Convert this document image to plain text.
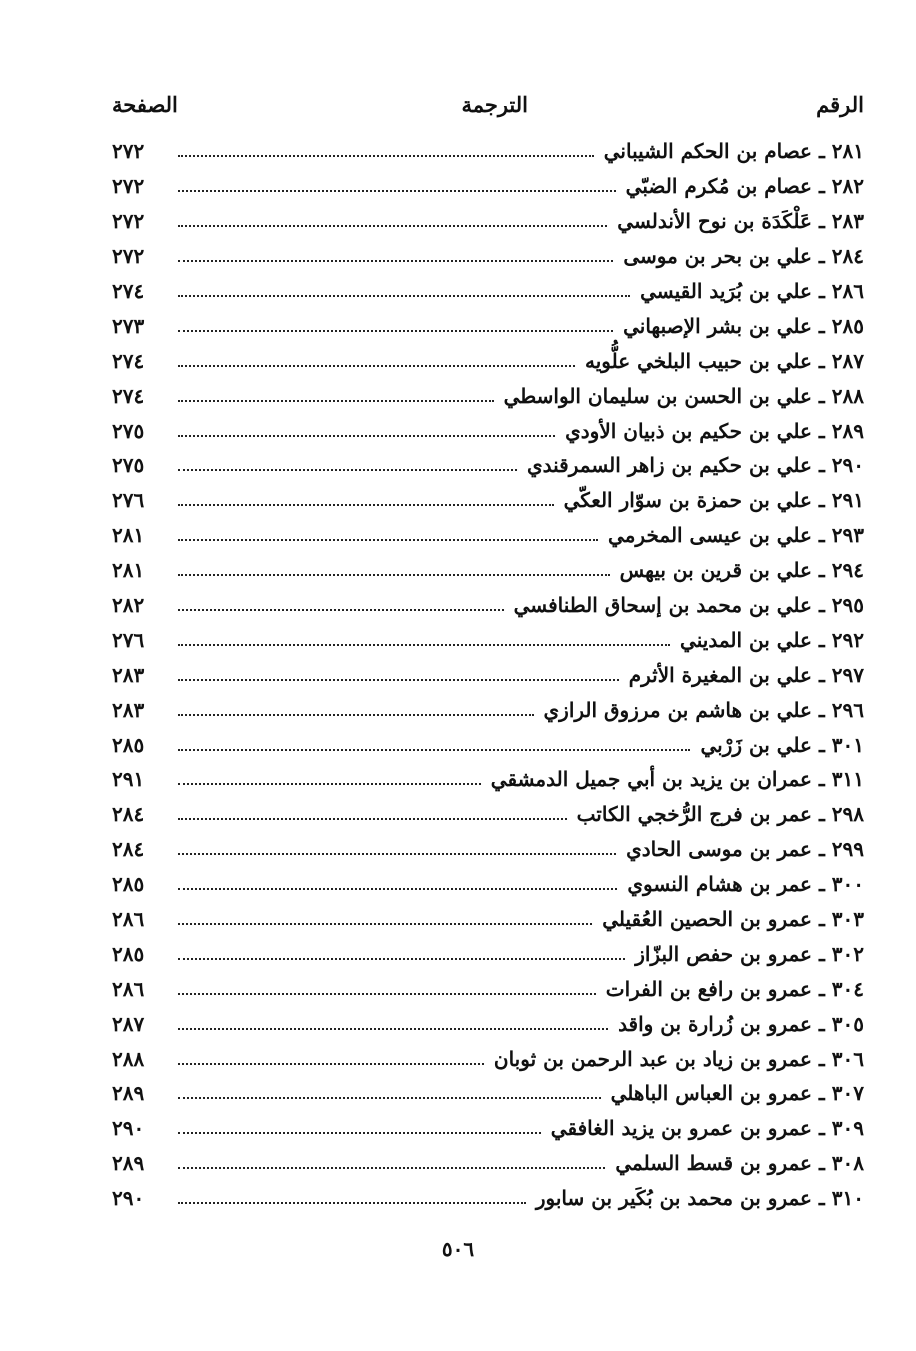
الرقم
الترجمة
الصفحة
٢٨١ ـ عصام بن الحكم الشيباني
٢٧٢
٢٨٢ ـ عصام بن مُكرم الضبّي
٢٧٢
٢٨٣ ـ عَلْكَدَة بن نوح الأندلسي
٢٧٢
٢٨٤ ـ علي بن بحر بن موسى
٢٧٢
٢٨٦ ـ علي بن بُرَيد القيسي
٢٧٤
٢٨٥ ـ علي بن بشر الإصبهاني
٢٧٣
٢٨٧ ـ علي بن حبيب البلخي علُّويه
٢٧٤
٢٨٨ ـ علي بن الحسن بن سليمان الواسطي
٢٧٤
٢٨٩ ـ علي بن حكيم بن ذبيان الأودي
٢٧٥
٢٩٠ ـ علي بن حكيم بن زاهر السمرقندي
٢٧٥
٢٩١ ـ علي بن حمزة بن سوّار العكّي
٢٧٦
٢٩٣ ـ علي بن عيسى المخرمي
٢٨١
٢٩٤ ـ علي بن قرين بن بيهس
٢٨١
٢٩٥ ـ علي بن محمد بن إسحاق الطنافسي
٢٨٢
٢٩٢ ـ علي بن المديني
٢٧٦
٢٩٧ ـ علي بن المغيرة الأثرم
٢٨٣
٢٩٦ ـ علي بن هاشم بن مرزوق الرازي
٢٨٣
٣٠١ ـ علي بن زَرْبي
٢٨٥
٣١١ ـ عمران بن يزيد بن أبي جميل الدمشقي
٢٩١
٢٩٨ ـ عمر بن فرج الرُّخجي الكاتب
٢٨٤
٢٩٩ ـ عمر بن موسى الحادي
٢٨٤
٣٠٠ ـ عمر بن هشام النسوي
٢٨٥
٣٠٣ ـ عمرو بن الحصين العُقيلي
٢٨٦
٣٠٢ ـ عمرو بن حفص البزّاز
٢٨٥
٣٠٤ ـ عمرو بن رافع بن الفرات
٢٨٦
٣٠٥ ـ عمرو بن زُرارة بن واقد
٢٨٧
٣٠٦ ـ عمرو بن زياد بن عبد الرحمن بن ثوبان
٢٨٨
٣٠٧ ـ عمرو بن العباس الباهلي
٢٨٩
٣٠٩ ـ عمرو بن عمرو بن يزيد الغافقي
٢٩٠
٣٠٨ ـ عمرو بن قسط السلمي
٢٨٩
٣١٠ ـ عمرو بن محمد بن بُكَير بن سابور
٢٩٠
٥٠٦
